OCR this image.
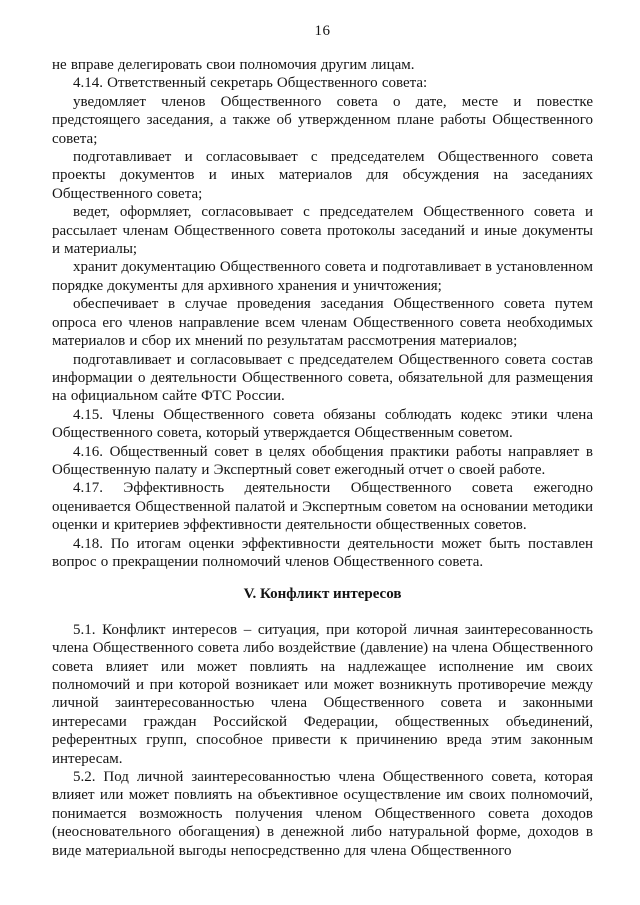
16

не вправе делегировать свои полномочия другим лицам.

4.14. Ответственный секретарь Общественного совета:

уведомляет членов Общественного совета о дате, месте и повестке предстоящего заседания, а также об утвержденном плане работы Общественного совета;

подготавливает и согласовывает с председателем Общественного совета проекты документов и иных материалов для обсуждения на заседаниях Общественного совета;

ведет, оформляет, согласовывает с председателем Общественного совета и рассылает членам Общественного совета протоколы заседаний и иные документы и материалы;

хранит документацию Общественного совета и подготавливает в установленном порядке документы для архивного хранения и уничтожения;

обеспечивает в случае проведения заседания Общественного совета путем опроса его членов направление всем членам Общественного совета необходимых материалов и сбор их мнений по результатам рассмотрения материалов;

подготавливает и согласовывает с председателем Общественного совета состав информации о деятельности Общественного совета, обязательной для размещения на официальном сайте ФТС России.

4.15. Члены Общественного совета обязаны соблюдать кодекс этики члена Общественного совета, который утверждается Общественным советом.

4.16. Общественный совет в целях обобщения практики работы направляет в Общественную палату и Экспертный совет ежегодный отчет о своей работе.

4.17. Эффективность деятельности Общественного совета ежегодно оценивается Общественной палатой и Экспертным советом на основании методики оценки и критериев эффективности деятельности общественных советов.

4.18. По итогам оценки эффективности деятельности может быть поставлен вопрос о прекращении полномочий членов Общественного совета.

V. Конфликт интересов

5.1. Конфликт интересов – ситуация, при которой личная заинтересованность члена Общественного совета либо воздействие (давление) на члена Общественного совета влияет или может повлиять на надлежащее исполнение им своих полномочий и при которой возникает или может возникнуть противоречие между личной заинтересованностью члена Общественного совета и законными интересами граждан Российской Федерации, общественных объединений, референтных групп, способное привести к причинению вреда этим законным интересам.

5.2. Под личной заинтересованностью члена Общественного совета, которая влияет или может повлиять на объективное осуществление им своих полномочий, понимается возможность получения членом Общественного совета доходов (неосновательного обогащения) в денежной либо натуральной форме, доходов в виде материальной выгоды непосредственно для члена Общественного
